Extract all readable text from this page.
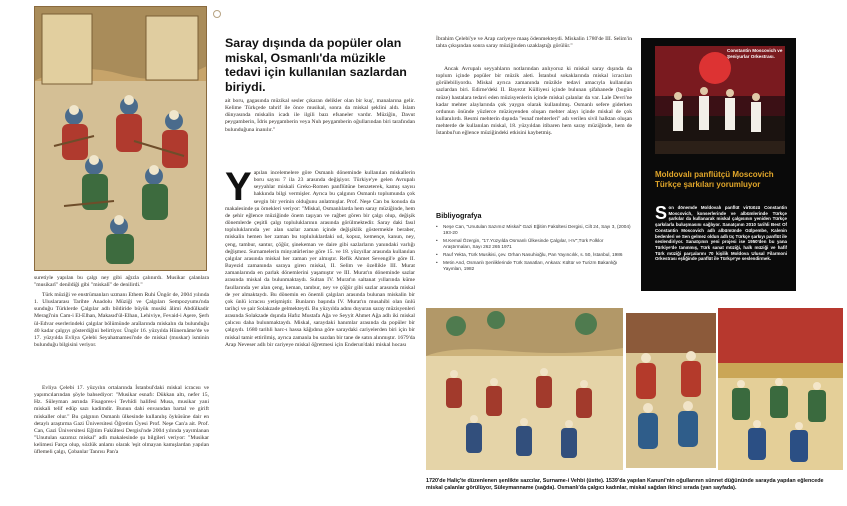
suretiyle yapılan bu çalgı ney gibi ağızla çalınırdı. Musikar çalanlara "musikarî" denildiği gibi "miskalî" de denilirdi."
Türk müziği ve enstrümanları uzmanı Ethem Ruhi Üngör de, 2004 yılında 1. Uluslararası Tarihte Anadolu Müziği ve Çalgıları Sempozyumu'nda sunduğu Türklerde Çalgılar adlı bildiride büyük musiki âlimi Abdülkadir Meragî'nin Cam-i El-Elhan, Makasıd'ül-Elhan, Lehiviye, Fevaid-i Aşere, Şerh ül-Edvar eserlerindeki çalgılar bölümünde araîlarında miskalın da bulunduğu 40 kadar çalgıyı gösterdiğini belirtiyor. Üngör 16. yüzyılda Hünernâme'de ve 17. yüzyılda Evliya Çelebi Seyahatnamesi'nde de miskal (muskar) isminin bulunduğu bilgisini veriyor.
Evliya Çelebi 17. yüzyılın ortalarında İstanbul'daki miskal icracısı ve yapımcılarından şöyle bahsediyor: "Musikar esnafı: Dükkan altı, nefer 15, Hz. Süleyman asrında Fisagores-i Tevhîdi halifesi Musa, musikar yani miskali telif edüp sazı kadimdir. Bunun dahi envaından bartal ve girift miskaller olur." Bu çalgının Osmanlı ülkesinde kullanılış öyküsüne dair en detaylı araştırma Gazi Üniversitesi Öğretim Üyesi Prof. Neşe Can'a ait. Prof. Can, Gazi Üniversitesi Eğitim Fakültesi Dergisi'nde 2004 yılında yayımlanan "Unutulan sazımız miskal" adlı makalesinde şu bilgileri veriyor: "Musikar kelimesi Farça olup, sözlük anlamı olarak 'eşit olmayan kamışlardan yapılan üflemeli çalgı, Çobanlar Tanrısı Pan'a
Saray dışında da popüler olan miskal, Osmanlı'da müzikle tedavi için kullanılan sazlardan biriydi.
ait boru, gagasında müzikal sesler çıkaran delikler olan bir kuş', manalarına gelir. Kelime Türkçede tahrif ile önce musikal, sonra da miskal şeklini aldı. İslam dünyasında miskalin icadı ile ilgili bazı efsaneler vardır. Müziğin, Davut peygamberin, İdris peygamberin veya Nuh peygamberin oğullarından biri tarafından bulunduğuna inanılır."
Y apılan incelemelere göre Osmanlı döneminde kullanılan miskallerin boru sayısı 7 ila 23 arasında değişiyor. Türkiye'ye gelen Avrupalı seyyahlar miskali Greko-Romen panflütüne benzeterek, kamış sayısı hakkında bilgi vermişler. Ayrıca bu çalgının Osmanlı toplumunda çok sevgin bir yerinin olduğunu anlatmışlar. Prof. Neşe Can bu konuda da makalesinde şu örnekleri veriyor: "Miskal, Osmanlılarda hem saray müziğinde, hem de şehir eğlence müziğinde önem taşıyan ve rağbet gören bir çalgı olup, değişik dönemlerde çeşitli çalgı topluluklarının arasında görülmektedir. Saray daki fasıl topluluklarında yer alan sazlar zaman içinde değişiklik göstermekle beraber, miskalin hemen her zaman bu topluluklardaki ud, kopuz, kemençe, kanun, ney, çeng, tambur, santur, çöğür, şinekeman ve daire gibi sazlarların yanındaki varlığı değişmez. Surnamelerin minyatürlerine göre 15. ve 18. yüzyıllar arasında kullanılan çalgılar arasında miskal her zaman yer almıştır. Refik Ahmet Sevengil'e göre II. Bayezid zamanında saraya giren miskal, II. Selim ve özellikle III. Murat zamanlarında en parlak dönemlerini yaşamıştır ve III. Murat'ın döneminde sazlar arasında miskal da bulunmaktaydı. Sultan IV. Murat'ın saltanat yıllarında küme fasıllarında yer alan çeng, keman, tambur, ney ve çöğür gibi sazlar arasında miskal de yer almaktaydı. Bu dönemin en önemli çalgıları arasında bulunan miskalin bir çok ünlü icracısı yetişmiştir. Bunların başında IV. Murat'ın musahibi olan ünlü tarihçi ve şair Solakzade gelmekteydi. Bu yüzyılda adını duyuran saray müzisyenleri arasında Solakzade dışında Hafız Mustafa Ağa ve Seyyit Ahmet Ağa adlı iki miskal çalıcısı daha bulunmaktaydı. Miskal, saraydaki hanımlar arasında da popüler bir çalgıydı. 1680 tarihli harc-ı hassa kâğıdına göre saraydaki cariyelerden biri için bir miskal tamir ettirilmiş, ayrıca zamanla bu sazdan bir tane de satın alınmıştır. 1679'da Arap Neveser adlı bir cariyeye miskal öğretmesi için Enderun'daki miskal hocası
İbrahim Çelebi'ye ve Arap cariyeye maaş ödenmekteydi. Miskalin 1780'de III. Selim'in tahta çıkışından sonra saray müziğinden uzaklaştığı görülür."
Ancak Avrupalı seyyahların notlarından anlıyoruz ki miskal saray dışında da toplum içinde popüler bir müzik aleti. İstanbul sokaklarında miskal icracıları görülebiliyordu. Miskal ayrıca zamanında müzikle tedavi amacıyla kullanılan sazlardan biri. Edirne'deki II. Bayezıt Külliyesi içinde bulunan şifahanede (bugün müze) hastalara tedavi eden müzisyenlerin içinde miskal çalanlar da var. Lale Devri'ne kadar mehter alaylarında çok yaygın olarak kullanılmış. Osmanlı sefere giderken ordunun önünde yüzlerce müzisyenden oluşan mehter alayı içinde miskal de çok kullanılırdı. Resmi mehterin dışında "esnaf mehterleri" adı verilen sivil halktan oluşan mehterde de kullanılan miskal, 18. yüzyıldan itibaren hem saray müziğinde, hem de İstanbul'un eğlence müziğindeki etkisini kaybetmiş.
Bibliyografya
• Neşe Can, "Unutulan Sazımız Miskal" Gazi Eğitim Fakültesi Dergisi, Cilt 24, Sayı 3, (2004) 193-20
• M.Kemal Özergin, "17.Yüzyılda Osmanlı Ülkesinde Çalgılar, I-IV",Türk Folklor Araştırmaları, Sayı 262 265 1971
• Rauf Yekta, Türk Musikisi, çev. Orhan Nasuhioğlu, Pan Yayıncılık, s. 50, İstanbul, 1986
• Metin And, Osmanlı Şenliklerinde Türk Sanatları, Ankara: Kültür ve Turizm Bakanlığı Yayınları, 1982
Constantin Moscovich ve Şeniyurlar Orkestrası.
Moldovalı panflütçü Moscovich Türkçe şarkıları yorumluyor
S on dönemde Moldovalı panflüt virtüözü Constantin Moscovich, konserlerinde ve albümlerinde Türkçe şarkılar da kullanarak miskal çalgısının yeniden Türkçe şarkılarla buluşmasını sağlıyor. Sanatçının 2010 tarihli Best Of Constantin Moscovich adlı albümünde Gülpembe, Kalenin bedenleri ve Sen gelmez oldun adlı üç Türkçe şarkıyı panflüt ile seslendiriyor. Sanatçının yeni projesi ise 1950'den bu yana Türkiye'de tanınmış, Türk sanat müziği, halk müziği ve hafif Türk müziği parçalarını 70 kişilik Moldova Ulusal Filarmoni Orkestrası eşliğinde panflüt ile Türkçe'ye seslendirmek.
1720'de Haliç'te düzenlenen şenlikte sazcılar, Surname-i Vehbi (üstte). 1539'da yapılan Kanuni'nin oğullarının sünnet düğününde sarayda yapılan eğlencede miskal çalanlar görülüyor, Süleymanname (sağda). Osmanlı'da çalgıcı kadınlar, miskal sağdan ikinci sırada (yan sayfada).
